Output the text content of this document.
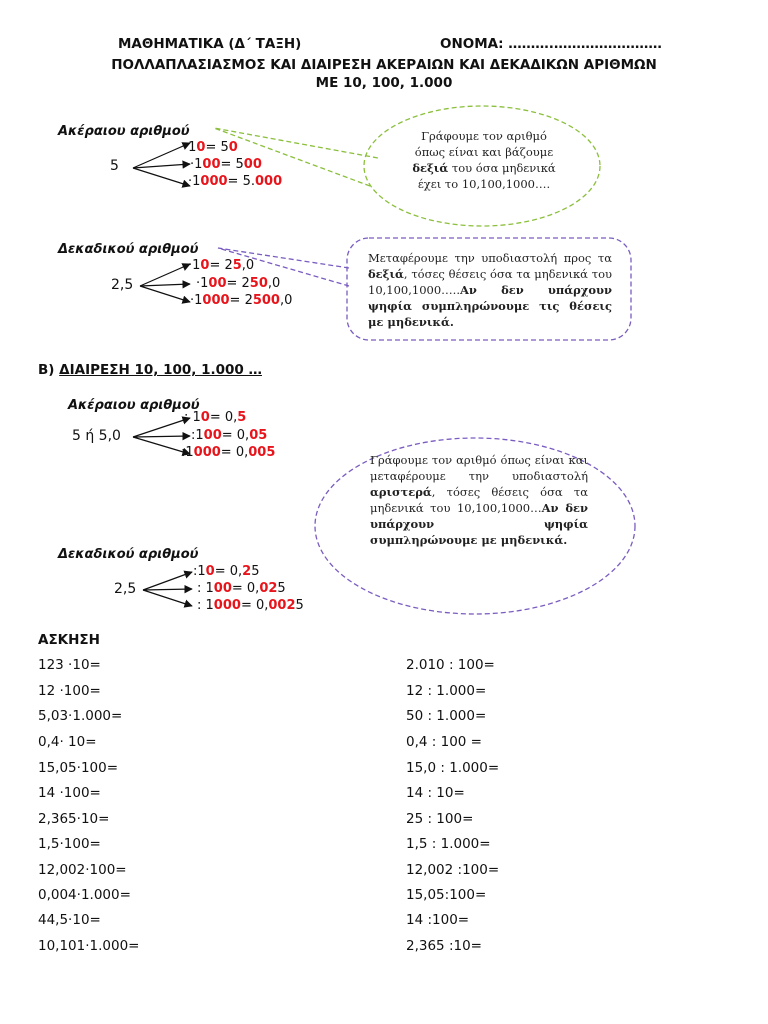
ΜΑΘΗΜΑΤΙΚΑ (Δ΄ ΤΑΞΗ)	ΟΝΟΜΑ: ……….……………………
ΠΟΛΛΑΠΛΑΣΙΑΣΜΟΣ ΚΑΙ ΔΙΑΙΡΕΣΗ ΑΚΕΡΑΙΩΝ ΚΑΙ ΔΕΚΑΔΙΚΩΝ ΑΡΙΘΜΩΝ
ΜΕ 10, 100, 1.000
Ακέραιου αριθμού
5
·10= 50
·100= 500
·1000= 5.000
Γράφουμε τον αριθμό όπως είναι και βάζουμε δεξιά του όσα μηδενικά έχει το 10,100,1000….
Δεκαδικού αριθμού
2,5
·10= 25,0
·100= 250,0
·1000= 2500,0
Μεταφέρουμε την υποδιαστολή προς τα δεξιά, τόσες θέσεις όσα τα μηδενικά του 10,100,1000…..Αν δεν υπάρχουν ψηφία συμπληρώνουμε τις θέσεις με μηδενικά.
Β) ΔΙΑΙΡΕΣΗ 10, 100, 1.000 …
Ακέραιου αριθμού
5 ή 5,0
: 10= 0,5
:100= 0,05
:1000= 0,005	Γράφουμε τον αριθμό όπως είναι και μεταφέρουμε την υποδιαστολή αριστερά, τόσες θέσεις όσα τα μηδενικά του 10,100,1000…Αν δεν υπάρχουν ψηφία συμπληρώνουμε με μηδενικά.
Δεκαδικού αριθμού
2,5
:10= 0,25
: 100= 0,025
: 1000= 0,0025
ΑΣΚΗΣΗ
123 ·10=
12 ·100=
5,03·1.000=
0,4· 10=
15,05·100=
14 ·100=
2,365·10=
1,5·100=
12,002·100=
0,004·1.000=
44,5·10=
10,101·1.000=
2.010 : 100=
12 : 1.000=
50 : 1.000=
0,4 : 100 =
15,0 : 1.000=
14 : 10=
25 : 100=
1,5 : 1.000=
12,002 :100=
15,05:100=
14 :100=
2,365 :10=
